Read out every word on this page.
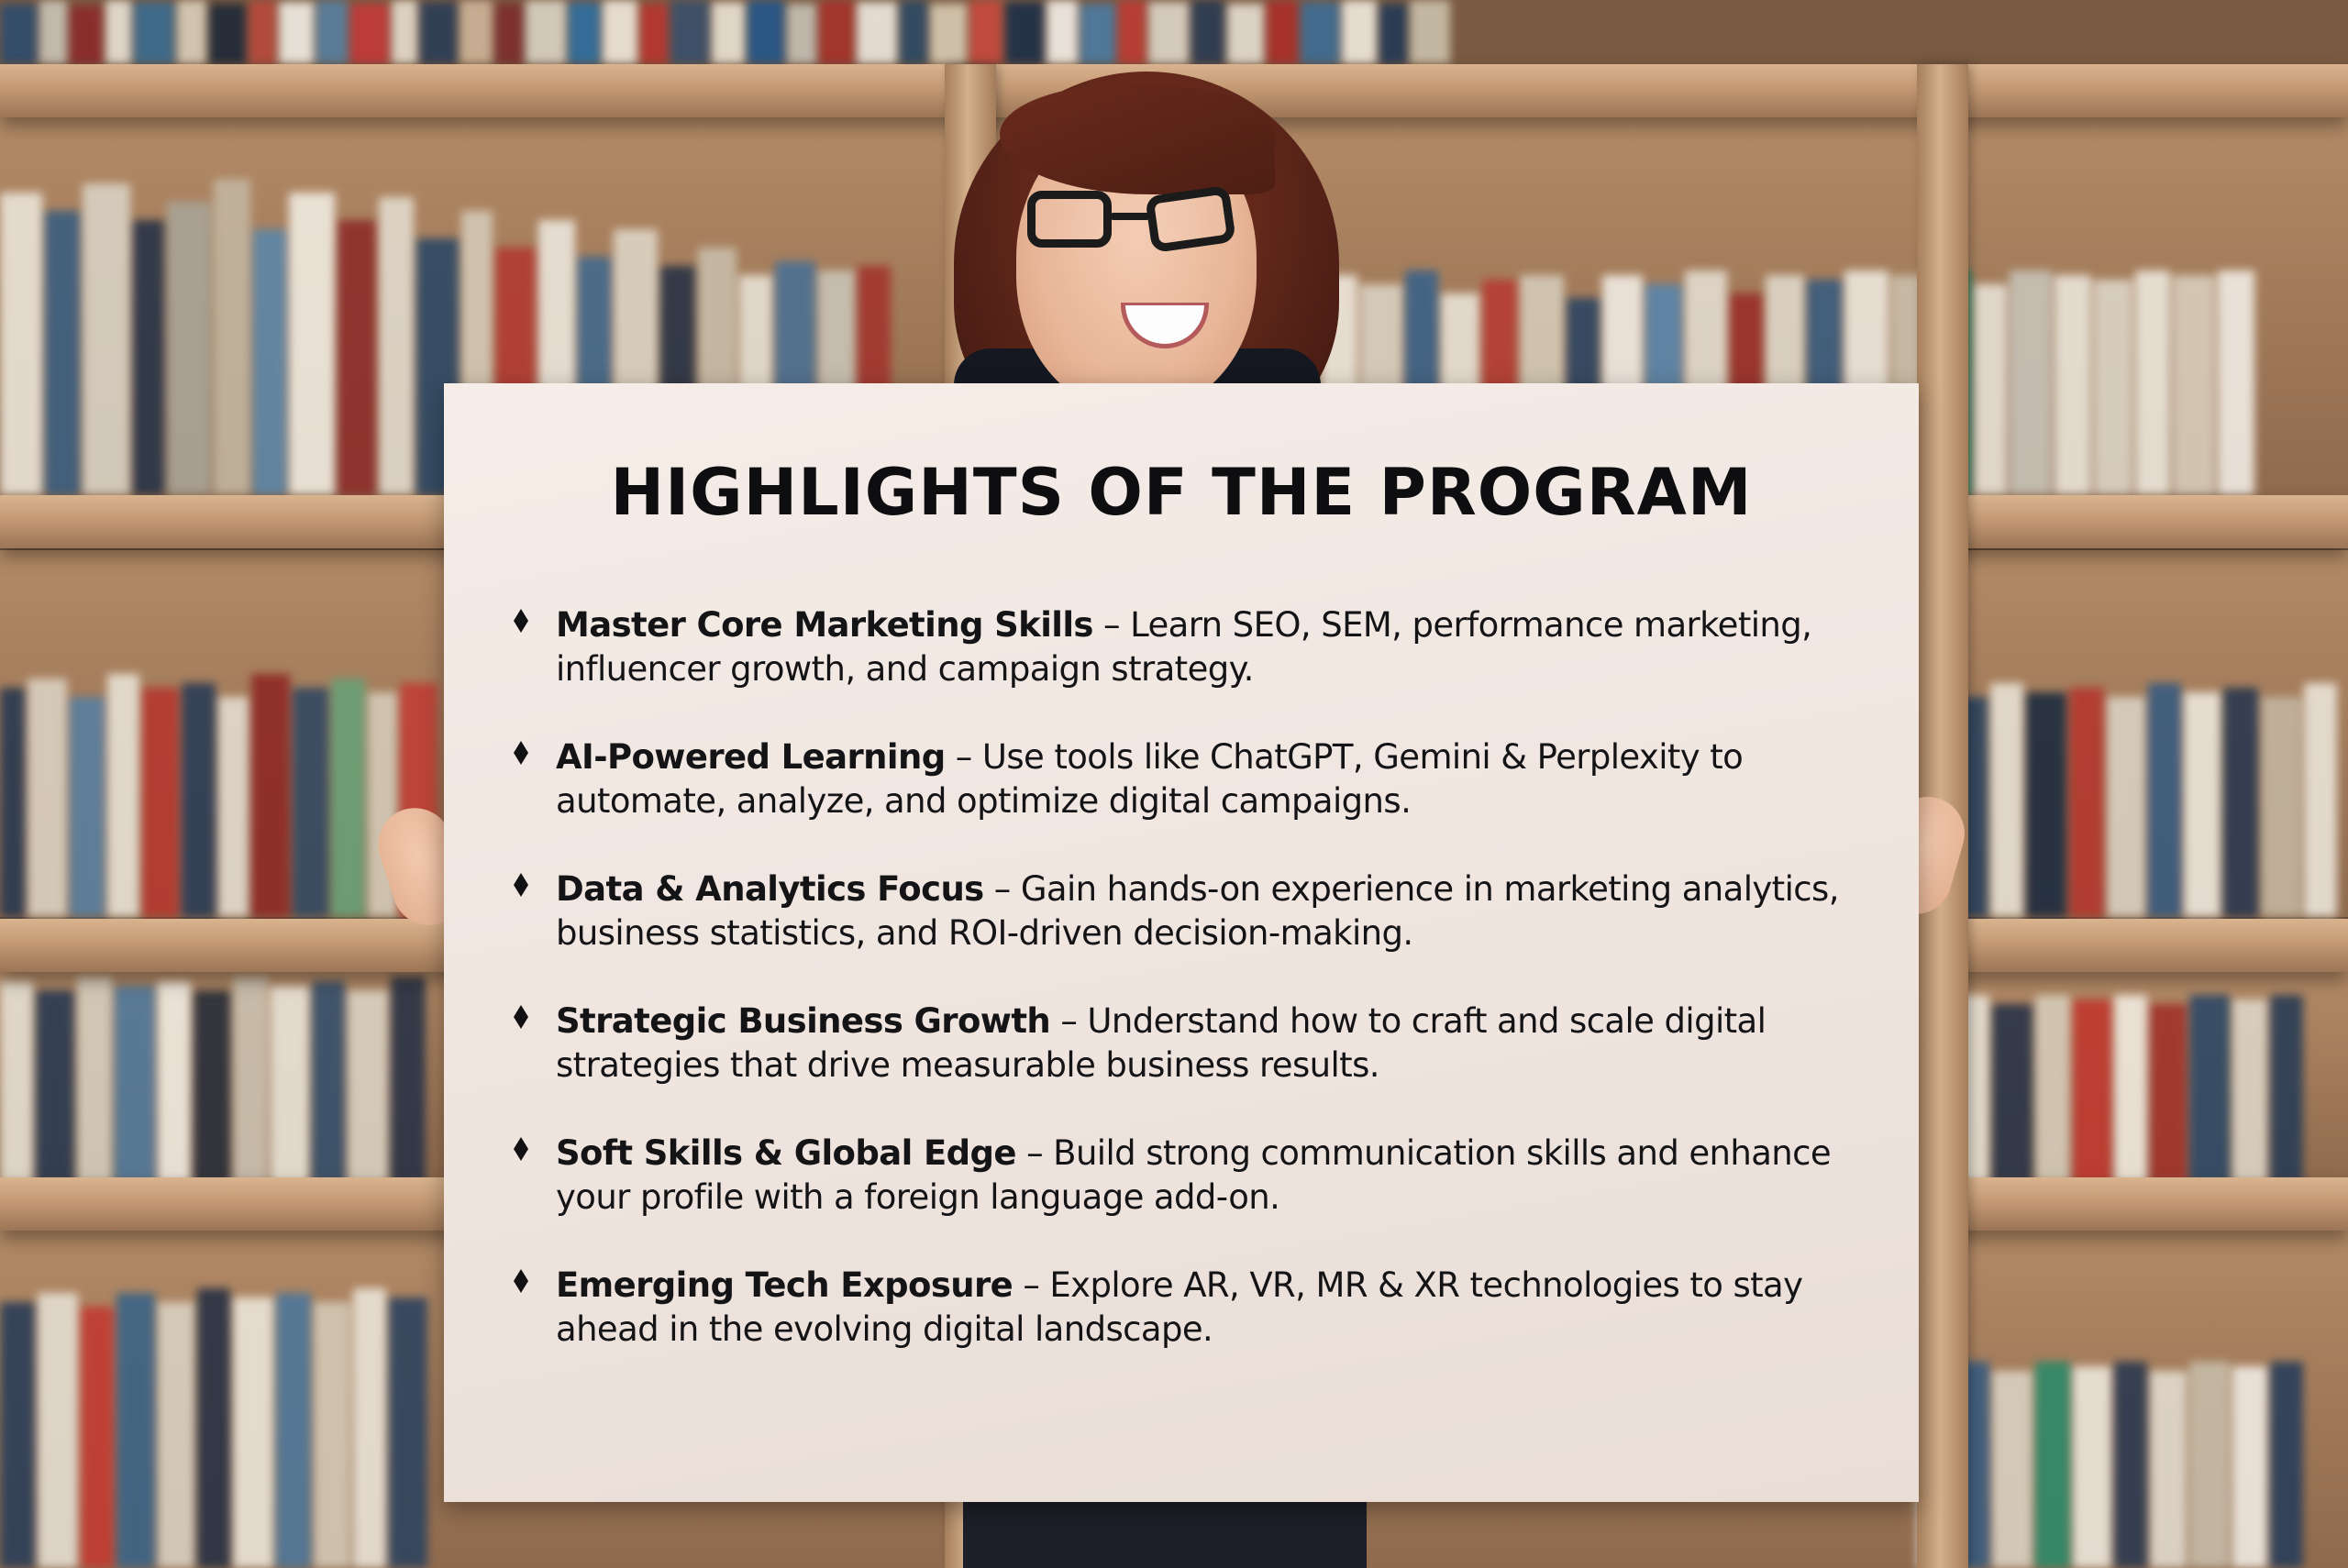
HIGHLIGHTS OF THE PROGRAM
Master Core Marketing Skills – Learn SEO, SEM, performance marketing, influencer growth, and campaign strategy.
AI-Powered Learning – Use tools like ChatGPT, Gemini & Perplexity to automate, analyze, and optimize digital campaigns.
Data & Analytics Focus – Gain hands-on experience in marketing analytics, business statistics, and ROI-driven decision-making.
Strategic Business Growth – Understand how to craft and scale digital strategies that drive measurable business results.
Soft Skills & Global Edge – Build strong communication skills and enhance your profile with a foreign language add-on.
Emerging Tech Exposure – Explore AR, VR, MR & XR technologies to stay ahead in the evolving digital landscape.
